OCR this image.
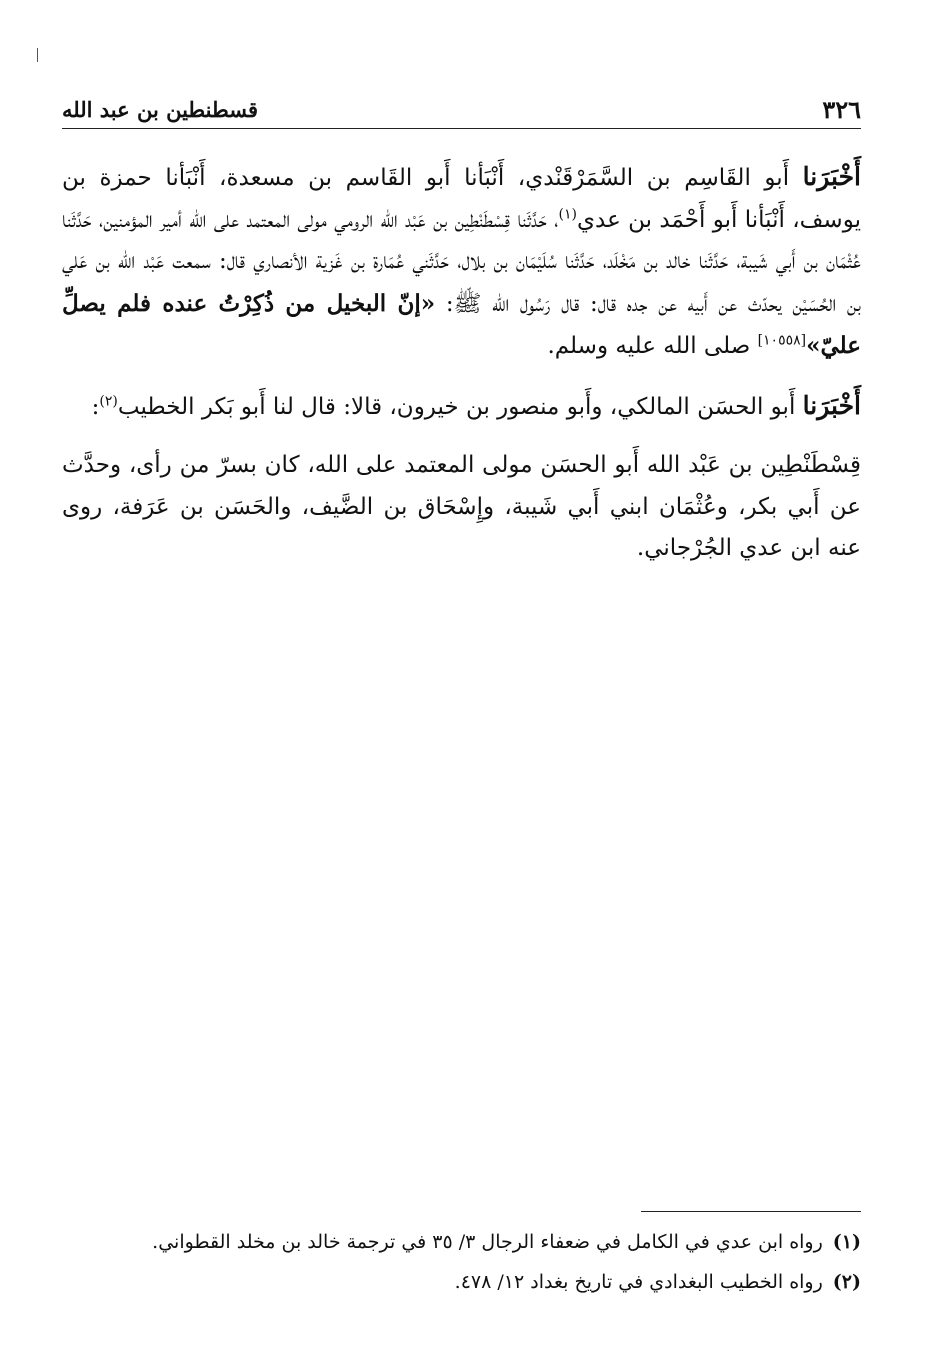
قسطنطين بن عبد الله	٣٢٦

أَخْبَرَنا أَبو القَاسِم بن السَّمَرْقَنْدي، أَنْبَأنا أَبو القَاسم بن مسعدة، أَنْبَأنا حمزة بن يوسف، أَنْبَأنا أَبو أَحْمَد بن عدي$^{(١)}$، حَدَّثَنا قِسْطَنْطِين بن عَبْد الله الرومي مولى المعتمد على الله أمير المؤمنين، حَدَّثَنا عُثْمَان بن أَبي شَيبة، حَدَّثَنا خالد بن مَخْلَد، حَدَّثَنا سُلَيْمَان بن بلال، حَدَّثَني عُمَارة بن غَزية الأنصاري قال: سمعت عَبْد الله بن عَلي بن الحُسَيْن يحدّث عن أَبيه عن جده قال: قال رَسُول الله ﷺ: «إنّ البخيل من ذُكِرْتُ عنده فلم يصلِّ عليّ»[١٠٥٥٨] صلى الله عليه وسلم.

أَخْبَرَنا أَبو الحسَن المالكي، وأَبو منصور بن خيرون، قالا: قال لنا أَبو بَكر الخطيب$^{(٢)}$:

قِسْطَنْطِين بن عَبْد الله أَبو الحسَن مولى المعتمد على الله، كان بسرّ من رأى، وحدَّث عن أَبي بكر، وعُثْمَان ابني أَبي شَيبة، وإِسْحَاق بن الضَّيف، والحَسَن بن عَرَفة، روى عنه ابن عدي الجُرْجاني.

(١)رواه ابن عدي في الكامل في ضعفاء الرجال ٣/ ٣٥ في ترجمة خالد بن مخلد القطواني.

(٢)رواه الخطيب البغدادي في تاريخ بغداد ١٢/ ٤٧٨.
